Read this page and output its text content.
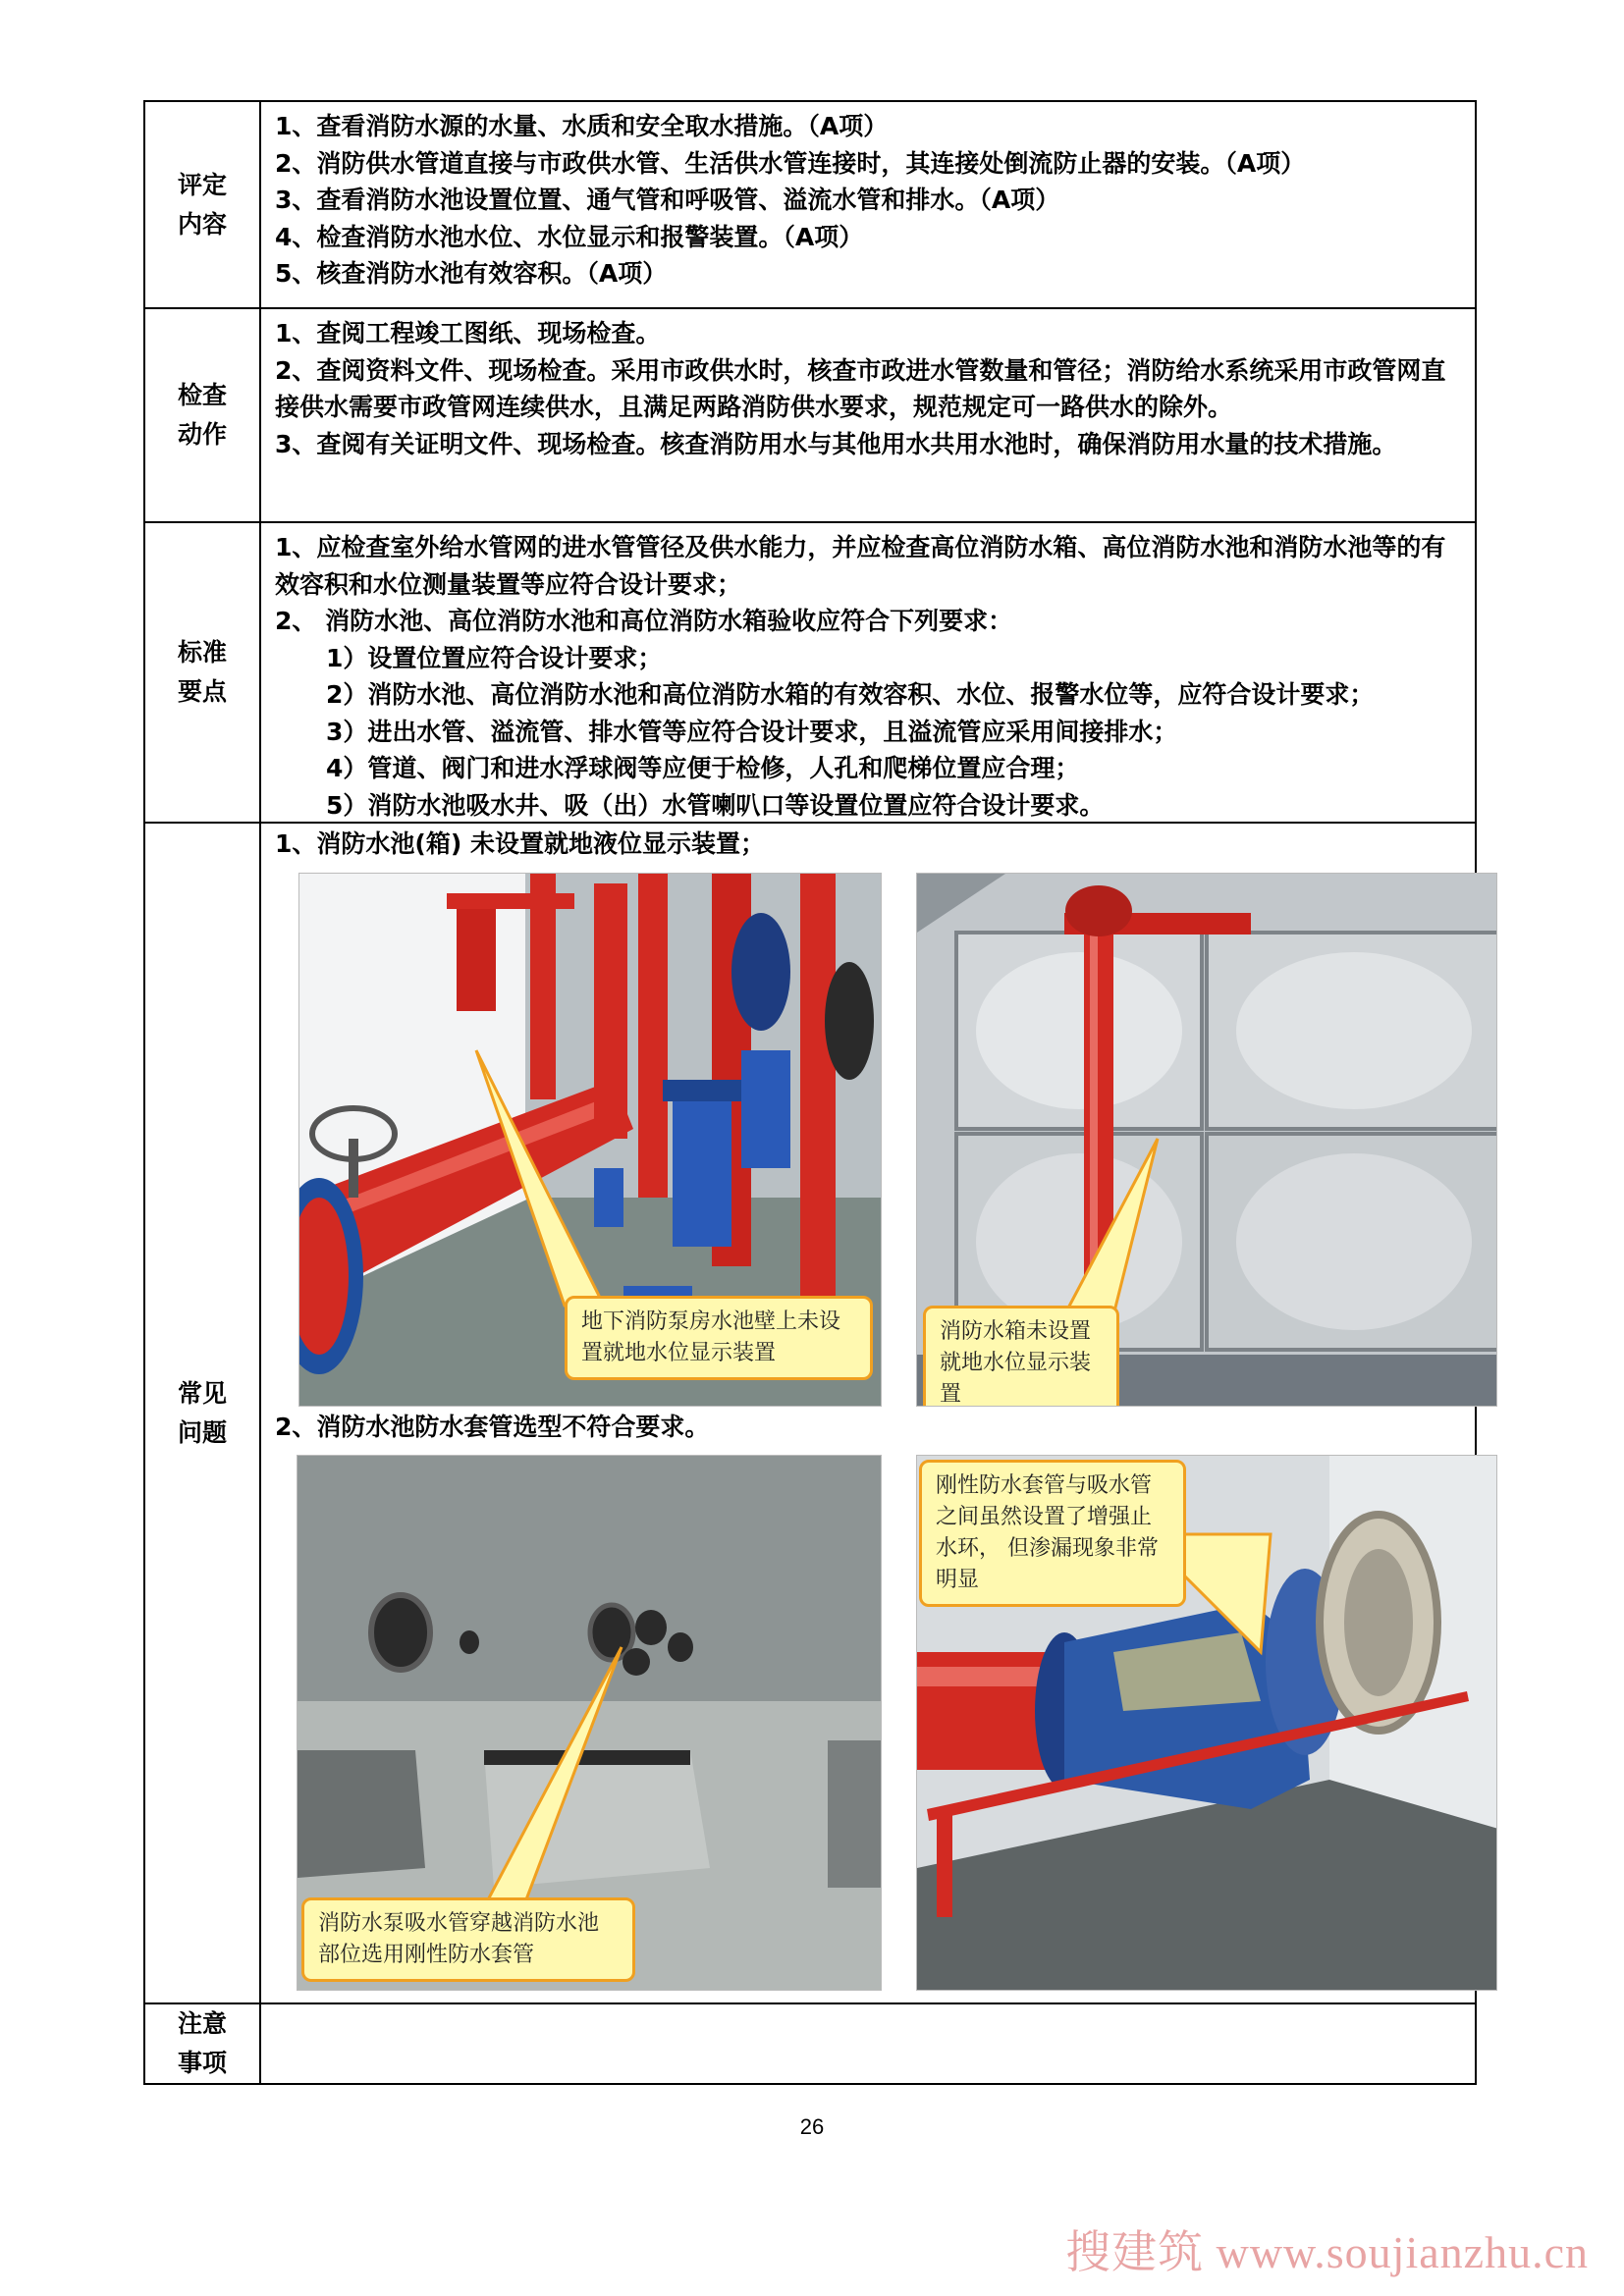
评定内容

1、查看消防水源的水量、水质和安全取水措施。（A项）

2、消防供水管道直接与市政供水管、生活供水管连接时，其连接处倒流防止器的安装。（A项）

3、查看消防水池设置位置、通气管和呼吸管、溢流水管和排水。（A项）

4、检查消防水池水位、水位显示和报警装置。（A项）

5、核查消防水池有效容积。（A项）

检查动作

1、查阅工程竣工图纸、现场检查。

2、查阅资料文件、现场检查。采用市政供水时，核查市政进水管数量和管径；消防给水系统采用市政管网直接供水需要市政管网连续供水，且满足两路消防供水要求，规范规定可一路供水的除外。

3、查阅有关证明文件、现场检查。核查消防用水与其他用水共用水池时，确保消防用水量的技术措施。

标准要点

1、应检查室外给水管网的进水管管径及供水能力，并应检查高位消防水箱、高位消防水池和消防水池等的有效容积和水位测量装置等应符合设计要求；

2、 消防水池、高位消防水池和高位消防水箱验收应符合下列要求：

1）设置位置应符合设计要求；

2）消防水池、高位消防水池和高位消防水箱的有效容积、水位、报警水位等，应符合设计要求；

3）进出水管、溢流管、排水管等应符合设计要求，且溢流管应采用间接排水；

4）管道、阀门和进水浮球阀等应便于检修，人孔和爬梯位置应合理；

5）消防水池吸水井、吸（出）水管喇叭口等设置位置应符合设计要求。

常见问题

1、消防水池(箱) 未设置就地液位显示装置；

地下消防泵房水池壁上未设置就地水位显示装置
消防水箱未设置就地水位显示装置

2、消防水池防水套管选型不符合要求。

消防水泵吸水管穿越消防水池部位选用刚性防水套管
刚性防水套管与吸水管之间虽然设置了增强止水环， 但渗漏现象非常明显
注意事项
26
搜建筑 www.soujianzhu.cn
